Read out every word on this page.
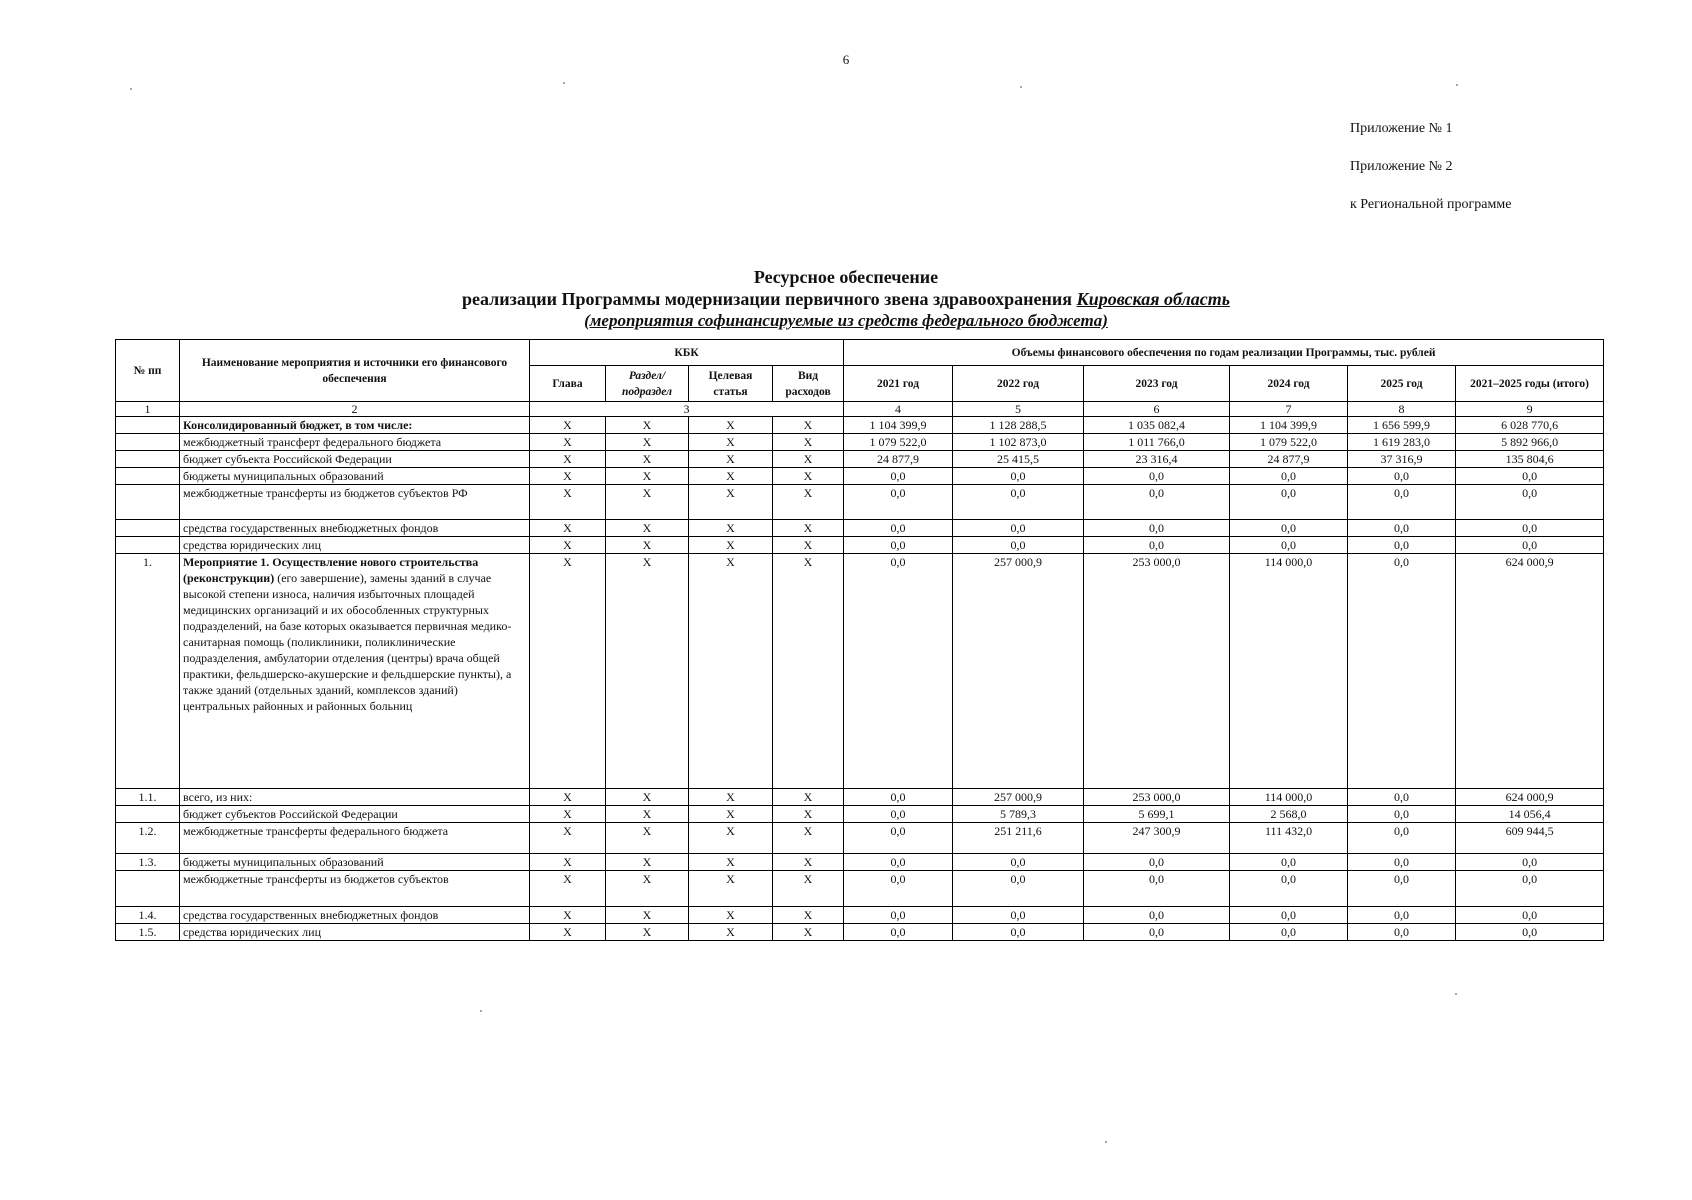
6
Приложение № 1
Приложение № 2
к Региональной программе
Ресурсное обеспечение
реализации Программы модернизации первичного звена здравоохранения Кировская область
(мероприятия софинансируемые из средств федерального бюджета)
№ пп	Наименование мероприятия и источники его финансового обеспечения	КБК				Объемы финансового обеспечения по годам реализации Программы, тыс. рублей					
		Глава	Раздел/ подраздел	Целевая статья	Вид расходов	2021 год	2022 год	2023 год	2024 год	2025 год	2021–2025 годы (итого)
1	2	3				4	5	6	7	8	9
	Консолидированный бюджет, в том числе:	X	X	X	X	1 104 399,9	1 128 288,5	1 035 082,4	1 104 399,9	1 656 599,9	6 028 770,6
	межбюджетный трансферт федерального бюджета	X	X	X	X	1 079 522,0	1 102 873,0	1 011 766,0	1 079 522,0	1 619 283,0	5 892 966,0
	бюджет субъекта Российской Федерации	X	X	X	X	24 877,9	25 415,5	23 316,4	24 877,9	37 316,9	135 804,6
	бюджеты муниципальных образований	X	X	X	X	0,0	0,0	0,0	0,0	0,0	0,0
	межбюджетные трансферты из бюджетов субъектов РФ	X	X	X	X	0,0	0,0	0,0	0,0	0,0	0,0
	средства государственных внебюджетных фондов	X	X	X	X	0,0	0,0	0,0	0,0	0,0	0,0
	средства юридических лиц	X	X	X	X	0,0	0,0	0,0	0,0	0,0	0,0
1.	Мероприятие 1. Осуществление нового строительства (реконструкции) (его завершение), замены зданий в случае высокой степени износа, наличия избыточных площадей медицинских организаций и их обособленных структурных подразделений, на базе которых оказывается первичная медико-санитарная помощь (поликлиники, поликлинические подразделения, амбулатории отделения (центры) врача общей практики, фельдшерско-акушерские и фельдшерские пункты), а также зданий (отдельных зданий, комплексов зданий) центральных районных и районных больниц	X	X	X	X	0,0	257 000,9	253 000,0	114 000,0	0,0	624 000,9
1.1.	всего, из них:	X	X	X	X	0,0	257 000,9	253 000,0	114 000,0	0,0	624 000,9
	бюджет субъектов Российской Федерации	X	X	X	X	0,0	5 789,3	5 699,1	2 568,0	0,0	14 056,4
1.2.	межбюджетные трансферты федерального бюджета	X	X	X	X	0,0	251 211,6	247 300,9	111 432,0	0,0	609 944,5
1.3.	бюджеты муниципальных образований	X	X	X	X	0,0	0,0	0,0	0,0	0,0	0,0
	межбюджетные трансферты из бюджетов субъектов	X	X	X	X	0,0	0,0	0,0	0,0	0,0	0,0
1.4.	средства государственных внебюджетных фондов	X	X	X	X	0,0	0,0	0,0	0,0	0,0	0,0
1.5.	средства юридических лиц	X	X	X	X	0,0	0,0	0,0	0,0	0,0	0,0
